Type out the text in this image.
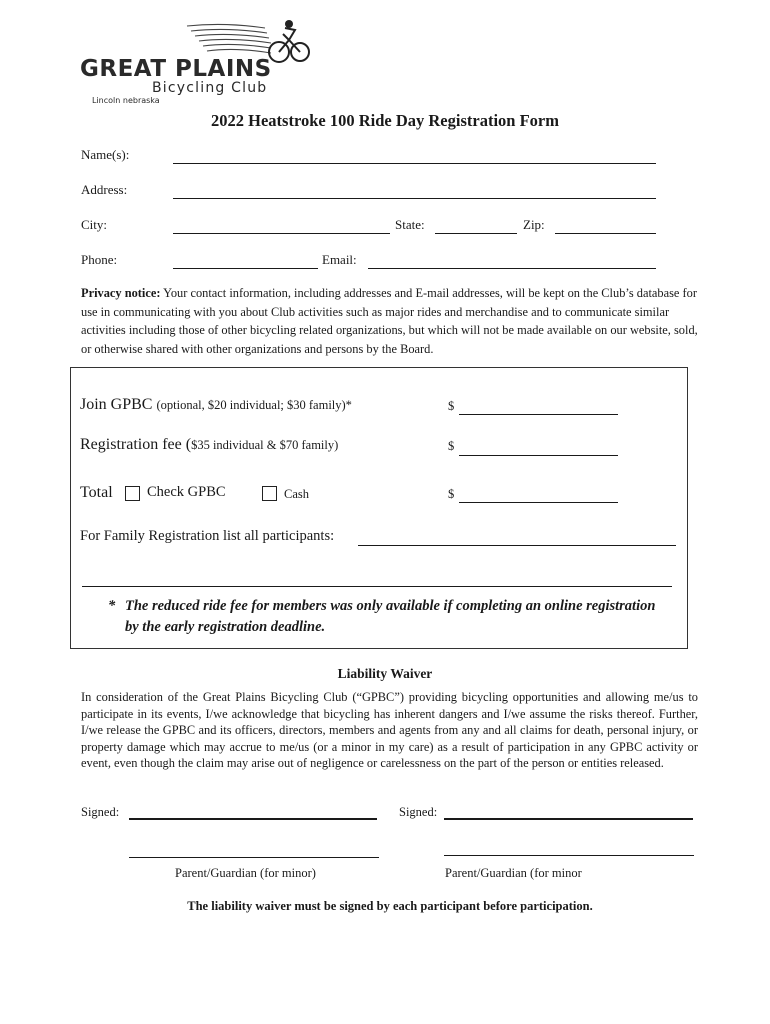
GREAT PLAINS
Bicycling Club
Lincoln nebraska
2022 Heatstroke 100 Ride Day Registration Form
Name(s):
Address:
City:	State:	Zip:
Phone:	Email:
Privacy notice: Your contact information, including addresses and E-mail addresses, will be kept on the Club’s database for use in communicating with you about Club activities such as major rides and merchandise and to communicate similar activities including those of other bicycling related organizations, but which will not be made available on our website, sold, or otherwise shared with other organizations and persons by the Board.
Join GPBC (optional, $20 individual; $30 family)*	$
Registration fee ($35 individual & $70 family)	$
Total Check GPBC	Cash	$
For Family Registration list all participants:
* The reduced ride fee for members was only available if completing an online registration by the early registration deadline.
Liability Waiver
In consideration of the Great Plains Bicycling Club (“GPBC”) providing bicycling opportunities and allowing me/us to participate in its events, I/we acknowledge that bicycling has inherent dangers and I/we assume the risks thereof. Further, I/we release the GPBC and its officers, directors, members and agents from any and all claims for death, personal injury, or property damage which may accrue to me/us (or a minor in my care) as a result of participation in any GPBC activity or event, even though the claim may arise out of negligence or carelessness on the part of the person or entities released.
Signed:	Signed:
Parent/Guardian (for minor)	Parent/Guardian (for minor
The liability waiver must be signed by each participant before participation.
